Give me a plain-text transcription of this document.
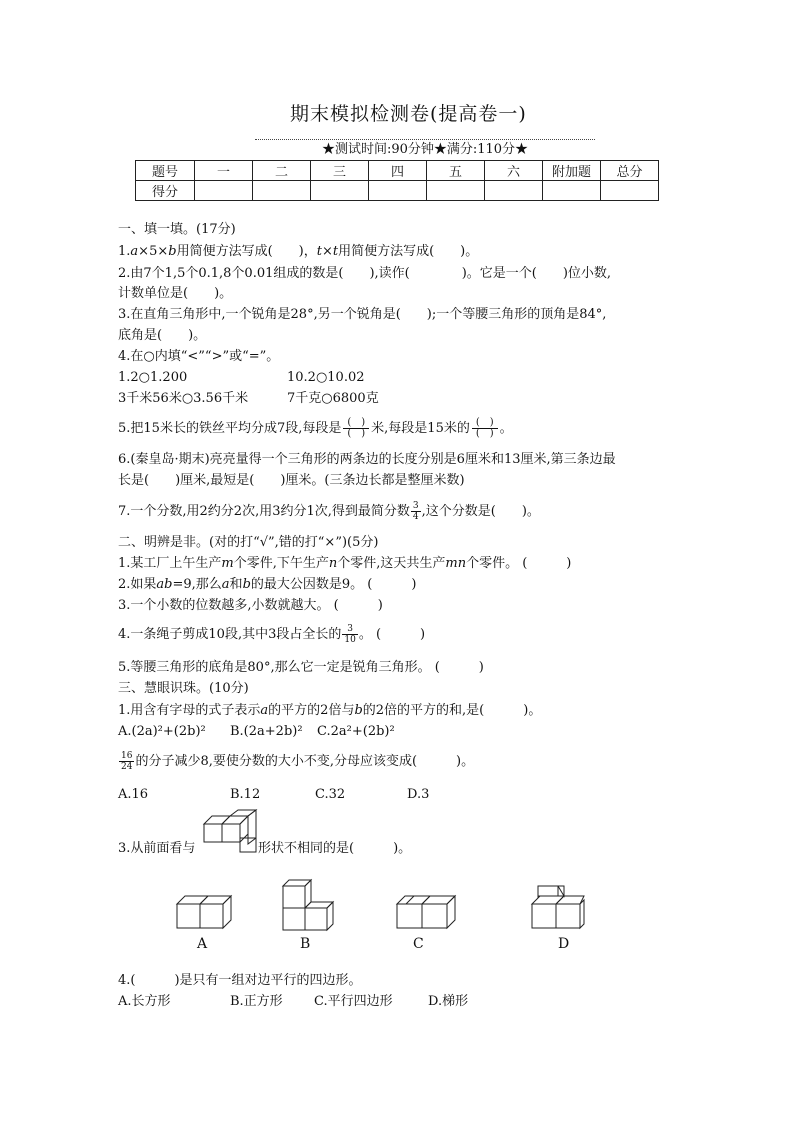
期末模拟检测卷(提高卷一)
★测试时间:90分钟★满分:110分★
题号	一	二	三	四	五	六	附加题	总分
得分								
一、填一填。(17分)
1.a×5×b用简便方法写成(　　)，t×t用简便方法写成(　　)。
2.由7个1,5个0.1,8个0.01组成的数是(　　),读作(　　　　)。它是一个(　　)位小数,
计数单位是(　　)。
3.在直角三角形中,一个锐角是28°,另一个锐角是(　　);一个等腰三角形的顶角是84°,
底角是(　　)。
4.在○内填“<”“>”或“=”。
1.2○1.200	10.2○10.02
3千米56米○3.56千米	7千克○6800克
5.把15米长的铁丝平均分成7段,每段是 (　)
(　) 米,每段是15米的 (　)
(　) 。
6.(秦皇岛·期末)亮亮量得一个三角形的两条边的长度分别是6厘米和13厘米,第三条边最
长是(　　)厘米,最短是(　　)厘米。(三条边长都是整厘米数)
7.一个分数,用2约分2次,用3约分1次,得到最简分数 $\frac{3}{4}$ ,这个分数是(　　)。
二、明辨是非。(对的打“√”,错的打“×”)(5分)
1.某工厂上午生产m个零件,下午生产n个零件,这天共生产mn个零件。 (　　　)
2.如果ab=9,那么a和b的最大公因数是9。 (　　　)
3.一个小数的位数越多,小数就越大。 (　　　)
4.一条绳子剪成10段,其中3段占全长的 $\frac{3}{10}$ 。 (　　　)
5.等腰三角形的底角是80°,那么它一定是锐角三角形。 (　　　)
三、慧眼识珠。(10分)
1.用含有字母的式子表示a的平方的2倍与b的2倍的平方的和,是(　　　)。
A.(2a)²+(2b)² B.(2a+2b)² C.2a²+(2b)²
$\frac{16}{24}$ 的分子减少8,要使分数的大小不变,分母应该变成(　　　)。
A.16	B.12	C.32	D.3
3.从前面看与	形状不相同的是(　　　)。
A	B	C	D
4.(　　　)是只有一组对边平行的四边形。
A.长方形	B.正方形 C.平行四边形	D.梯形
